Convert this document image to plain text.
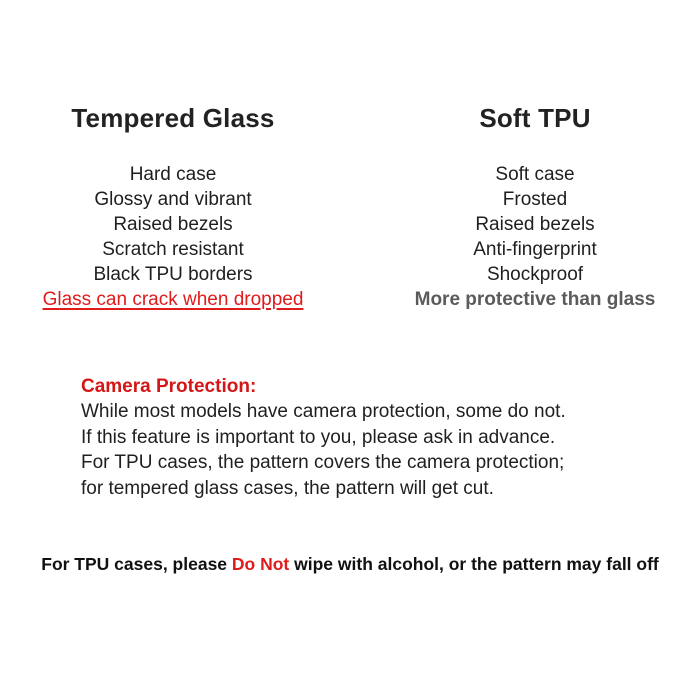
Tempered Glass
Hard case
Glossy and vibrant
Raised bezels
Scratch resistant
Black TPU borders
Glass can crack when dropped
Soft TPU
Soft case
Frosted
Raised bezels
Anti-fingerprint
Shockproof
More protective than glass
Camera Protection:
While most models have camera protection, some do not.
If this feature is important to you, please ask in advance.
For TPU cases, the pattern covers the camera protection;
for tempered glass cases, the pattern will get cut.
For TPU cases, please Do Not wipe with alcohol, or the pattern may fall off
